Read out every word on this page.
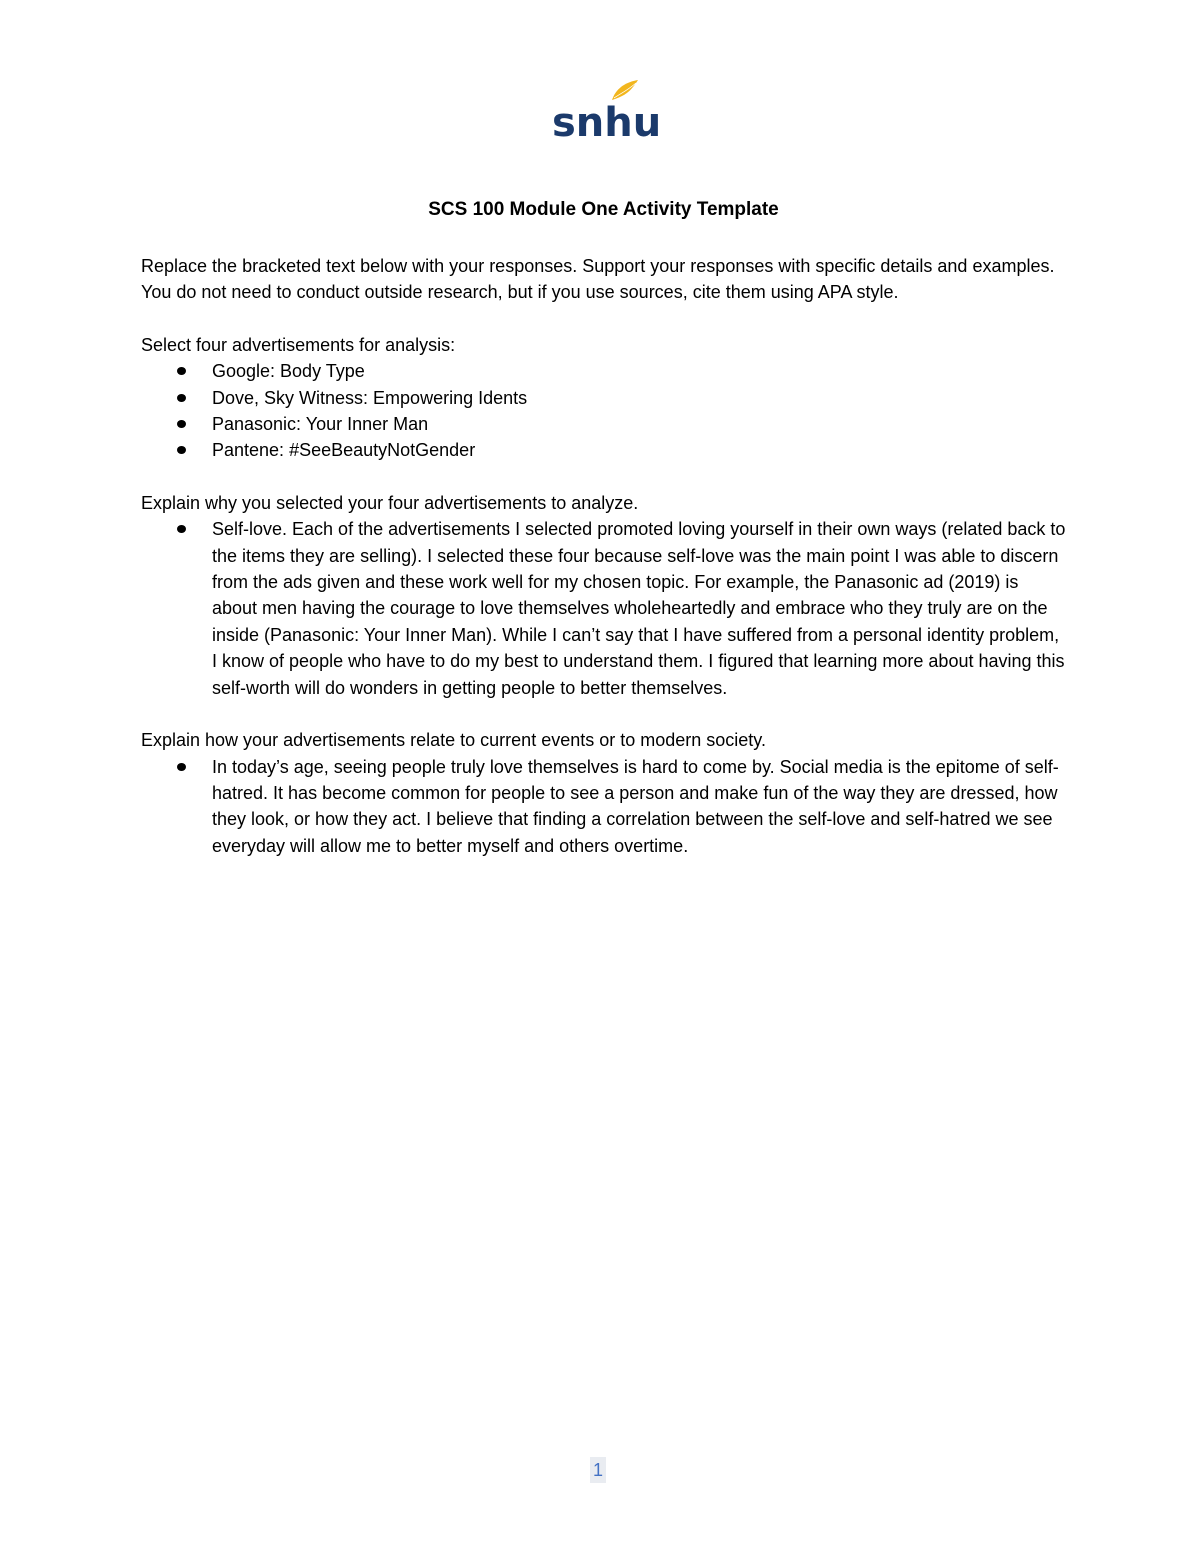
snhu
SCS 100 Module One Activity Template

Replace the bracketed text below with your responses. Support your responses with specific details and examples. You do not need to conduct outside research, but if you use sources, cite them using APA style.

Select four advertisements for analysis:

Google: Body Type
Dove, Sky Witness: Empowering Idents
Panasonic: Your Inner Man
Pantene: #SeeBeautyNotGender

Explain why you selected your four advertisements to analyze.

Self-love. Each of the advertisements I selected promoted loving yourself in their own ways (related back to the items they are selling). I selected these four because self-love was the main point I was able to discern from the ads given and these work well for my chosen topic. For example, the Panasonic ad (2019) is about men having the courage to love themselves wholeheartedly and embrace who they truly are on the inside (Panasonic: Your Inner Man). While I can’t say that I have suffered from a personal identity problem, I know of people who have to do my best to understand them. I figured that learning more about having this self-worth will do wonders in getting people to better themselves.

Explain how your advertisements relate to current events or to modern society.

In today’s age, seeing people truly love themselves is hard to come by. Social media is the epitome of self-hatred. It has become common for people to see a person and make fun of the way they are dressed, how they look, or how they act. I believe that finding a correlation between the self-love and self-hatred we see everyday will allow me to better myself and others overtime.
1
